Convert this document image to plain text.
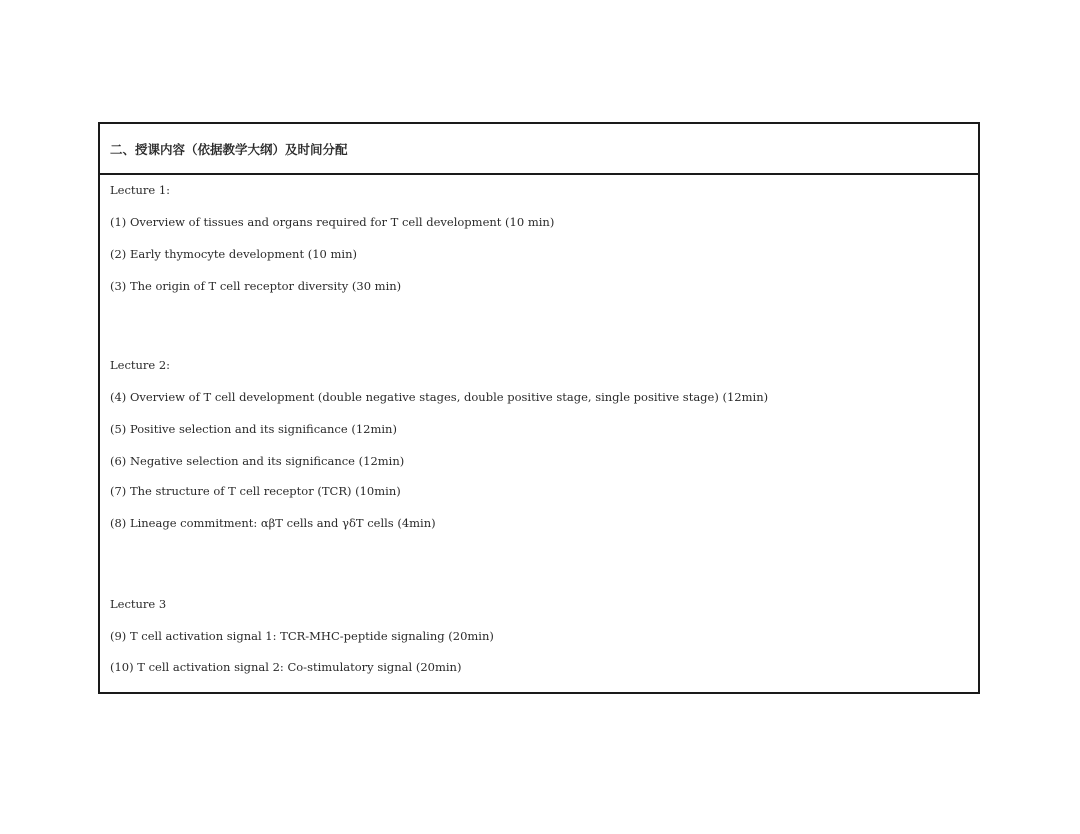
二、授课内容（依据教学大纲）及时间分配
Lecture 1:
(1) Overview of tissues and organs required for T cell development (10 min)
(2) Early thymocyte development (10 min)
(3) The origin of T cell receptor diversity (30 min)
Lecture 2:
(4) Overview of T cell development (double negative stages, double positive stage, single positive stage) (12min)
(5) Positive selection and its significance (12min)
(6) Negative selection and its significance (12min)
(7) The structure of T cell receptor (TCR) (10min)
(8) Lineage commitment: αβT cells and γδT cells (4min)
Lecture 3
(9) T cell activation signal 1: TCR-MHC-peptide signaling (20min)
(10) T cell activation signal 2: Co-stimulatory signal (20min)
